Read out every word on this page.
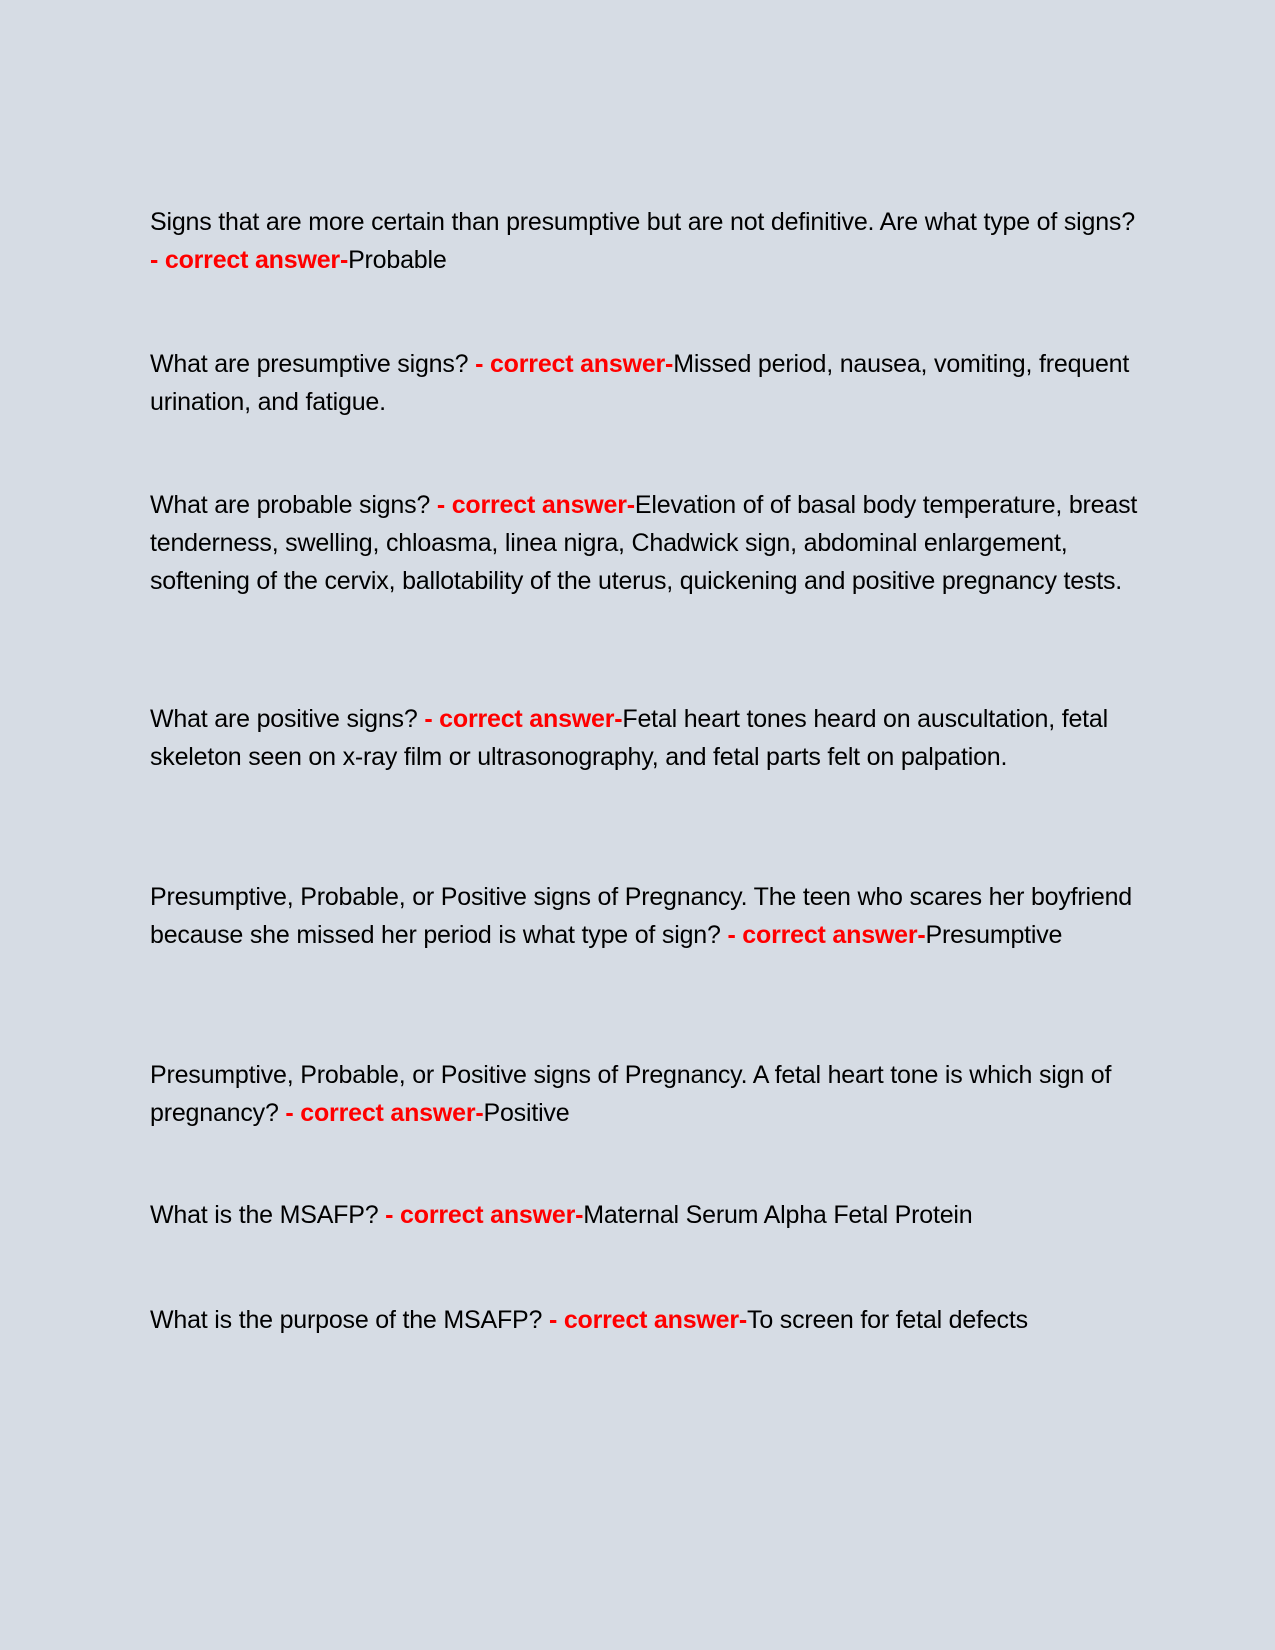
Signs that are more certain than presumptive but are not definitive. Are what type of signs? - correct answer-Probable

What are presumptive signs? - correct answer-Missed period, nausea, vomiting, frequent urination, and fatigue.

What are probable signs? - correct answer-Elevation of of basal body temperature, breast tenderness, swelling, chloasma, linea nigra, Chadwick sign, abdominal enlargement, softening of the cervix, ballotability of the uterus, quickening and positive pregnancy tests.

What are positive signs? - correct answer-Fetal heart tones heard on auscultation, fetal skeleton seen on x-ray film or ultrasonography, and fetal parts felt on palpation.

Presumptive, Probable, or Positive signs of Pregnancy. The teen who scares her boyfriend because she missed her period is what type of sign? - correct answer-Presumptive

Presumptive, Probable, or Positive signs of Pregnancy. A fetal heart tone is which sign of pregnancy? - correct answer-Positive

What is the MSAFP? - correct answer-Maternal Serum Alpha Fetal Protein

What is the purpose of the MSAFP? - correct answer-To screen for fetal defects
